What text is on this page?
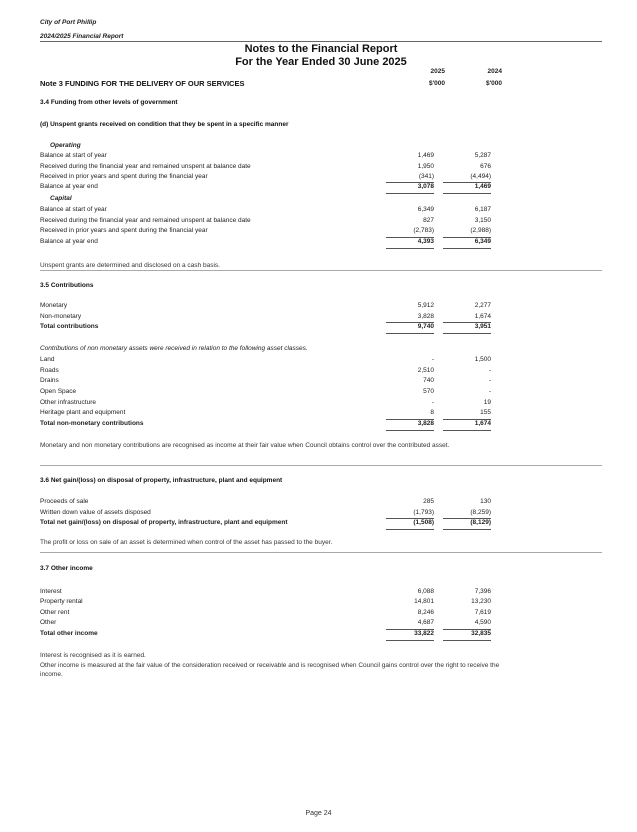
City of Port Phillip
2024/2025 Financial Report
Notes to the Financial Report
For the Year Ended 30 June 2025
2025	2024
$'000	$'000
Note 3 FUNDING FOR THE DELIVERY OF OUR SERVICES
3.4 Funding from other levels of government
(d) Unspent grants received on condition that they be spent in a specific manner
Operating
Balance at start of year	1,469	5,287
Received during the financial year and remained unspent at balance date	1,950	676
Received in prior years and spent during the financial year	(341)	(4,494)
Balance at year end	3,078	1,469
Capital
Balance at start of year	6,349	6,187
Received during the financial year and remained unspent at balance date	827	3,150
Received in prior years and spent during the financial year	(2,783)	(2,988)
Balance at year end	4,393	6,349
Unspent grants are determined and disclosed on a cash basis.
3.5 Contributions
Monetary	5,912	2,277
Non-monetary	3,828	1,674
Total contributions	9,740	3,951
Contributions of non monetary assets were received in relation to the following asset classes.
Land	-	1,500
Roads	2,510	-
Drains	740	-
Open Space	570	-
Other infrastructure	-	19
Heritage plant and equipment	8	155
Total non-monetary contributions	3,828	1,674
Monetary and non monetary contributions are recognised as income at their fair value when Council obtains control over the contributed asset.
3.6 Net gain/(loss) on disposal of property, infrastructure, plant and equipment
Proceeds of sale	285	130
Written down value of assets disposed	(1,793)	(8,259)
Total net gain/(loss) on disposal of property, infrastructure, plant and equipment	(1,508)	(8,129)
The profit or loss on sale of an asset is determined when control of the asset has passed to the buyer.
3.7 Other income
Interest	6,088	7,396
Property rental	14,801	13,230
Other rent	8,246	7,619
Other	4,687	4,590
Total other income	33,822	32,835
Interest is recognised as it is earned.
Other income is measured at the fair value of the consideration received or receivable and is recognised when Council gains control over the right to receive the income.
Page 24
